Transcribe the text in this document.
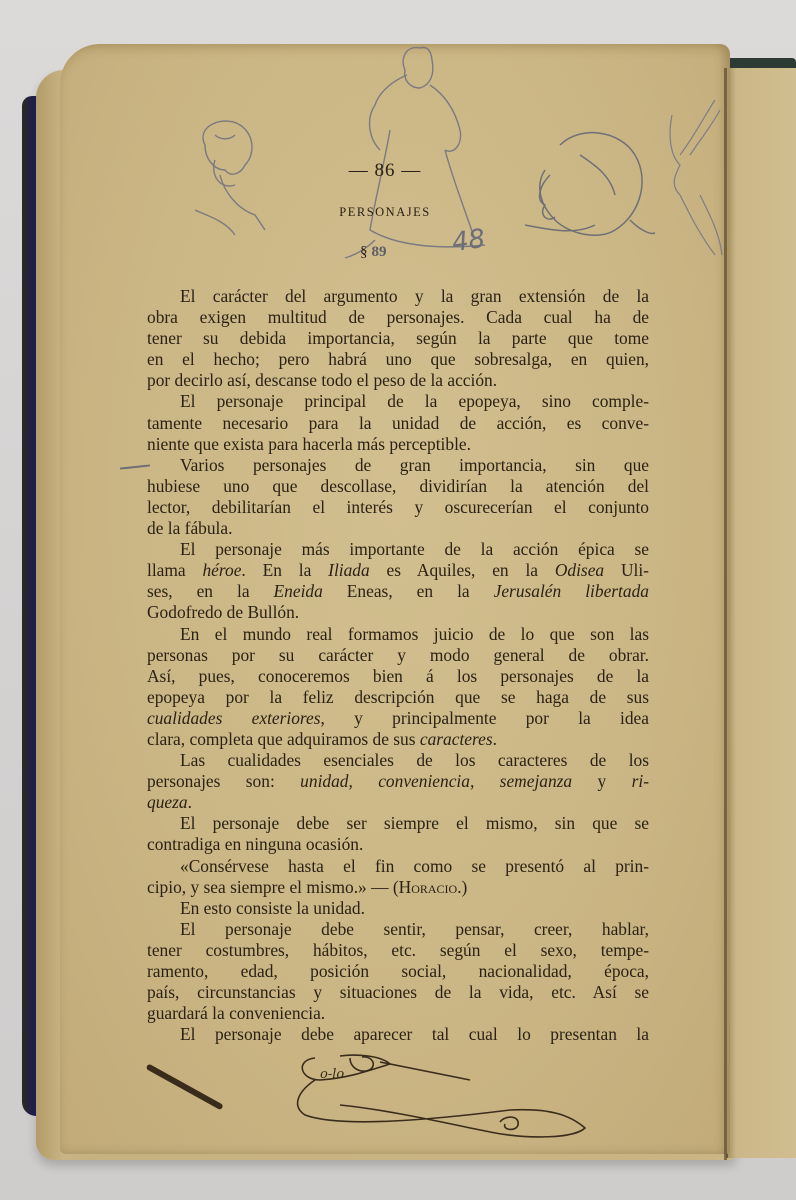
— 86 —
PERSONAJES
§ 89	48
El carácter del argumento y la gran extensión de la
obra exigen multitud de personajes. Cada cual ha de
tener su debida importancia, según la parte que tome
en el hecho; pero habrá uno que sobresalga, en quien,
por decirlo así, descanse todo el peso de la acción.
El personaje principal de la epopeya, sino comple-
tamente necesario para la unidad de acción, es conve-
niente que exista para hacerla más perceptible.
Varios personajes de gran importancia, sin que
hubiese uno que descollase, dividirían la atención del
lector, debilitarían el interés y oscurecerían el conjunto
de la fábula.
El personaje más importante de la acción épica se
llama héroe. En la Iliada es Aquiles, en la Odisea Uli-
ses, en la Eneida Eneas, en la Jerusalén libertada
Godofredo de Bullón.
En el mundo real formamos juicio de lo que son las
personas por su carácter y modo general de obrar.
Así, pues, conoceremos bien á los personajes de la
epopeya por la feliz descripción que se haga de sus
cualidades exteriores, y principalmente por la idea
clara, completa que adquiramos de sus caracteres.
Las cualidades esenciales de los caracteres de los
personajes son: unidad, conveniencia, semejanza y ri-
queza.
El personaje debe ser siempre el mismo, sin que se
contradiga en ninguna ocasión.
«Consérvese hasta el fin como se presentó al prin-
cipio, y sea siempre el mismo.» — (Horacio.)
En esto consiste la unidad.
El personaje debe sentir, pensar, creer, hablar,
tener costumbres, hábitos, etc. según el sexo, tempe-
ramento, edad, posición social, nacionalidad, época,
país, circunstancias y situaciones de la vida, etc. Así se
guardará la conveniencia.
El personaje debe aparecer tal cual lo presentan la
o-lo
